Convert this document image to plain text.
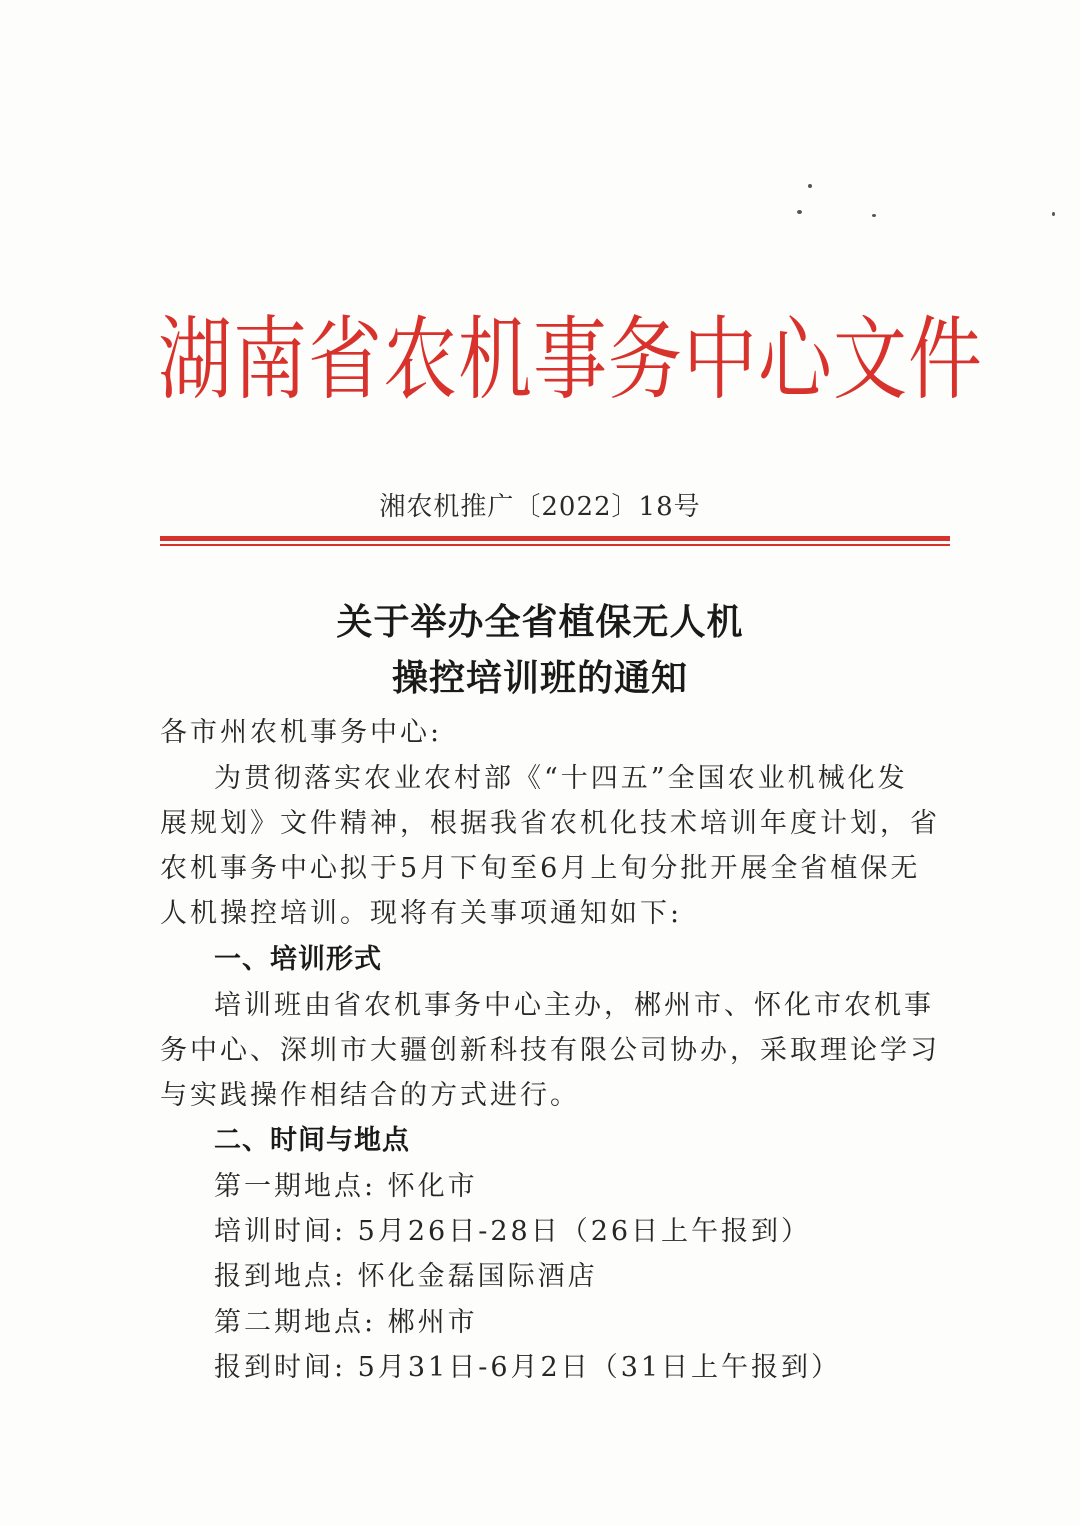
湖南省农机事务中心文件
湘农机推广〔2022〕18号
关于举办全省植保无人机
操控培训班的通知
各市州农机事务中心:
为贯彻落实农业农村部《“十四五”全国农业机械化发
展规划》文件精神，根据我省农机化技术培训年度计划，省
农机事务中心拟于5月下旬至6月上旬分批开展全省植保无
人机操控培训。现将有关事项通知如下:
一、培训形式
培训班由省农机事务中心主办，郴州市、怀化市农机事
务中心、深圳市大疆创新科技有限公司协办，采取理论学习
与实践操作相结合的方式进行。
二、时间与地点
第一期地点: 怀化市
培训时间: 5月26日-28日（26日上午报到）
报到地点: 怀化金磊国际酒店
第二期地点: 郴州市
报到时间: 5月31日-6月2日（31日上午报到）
